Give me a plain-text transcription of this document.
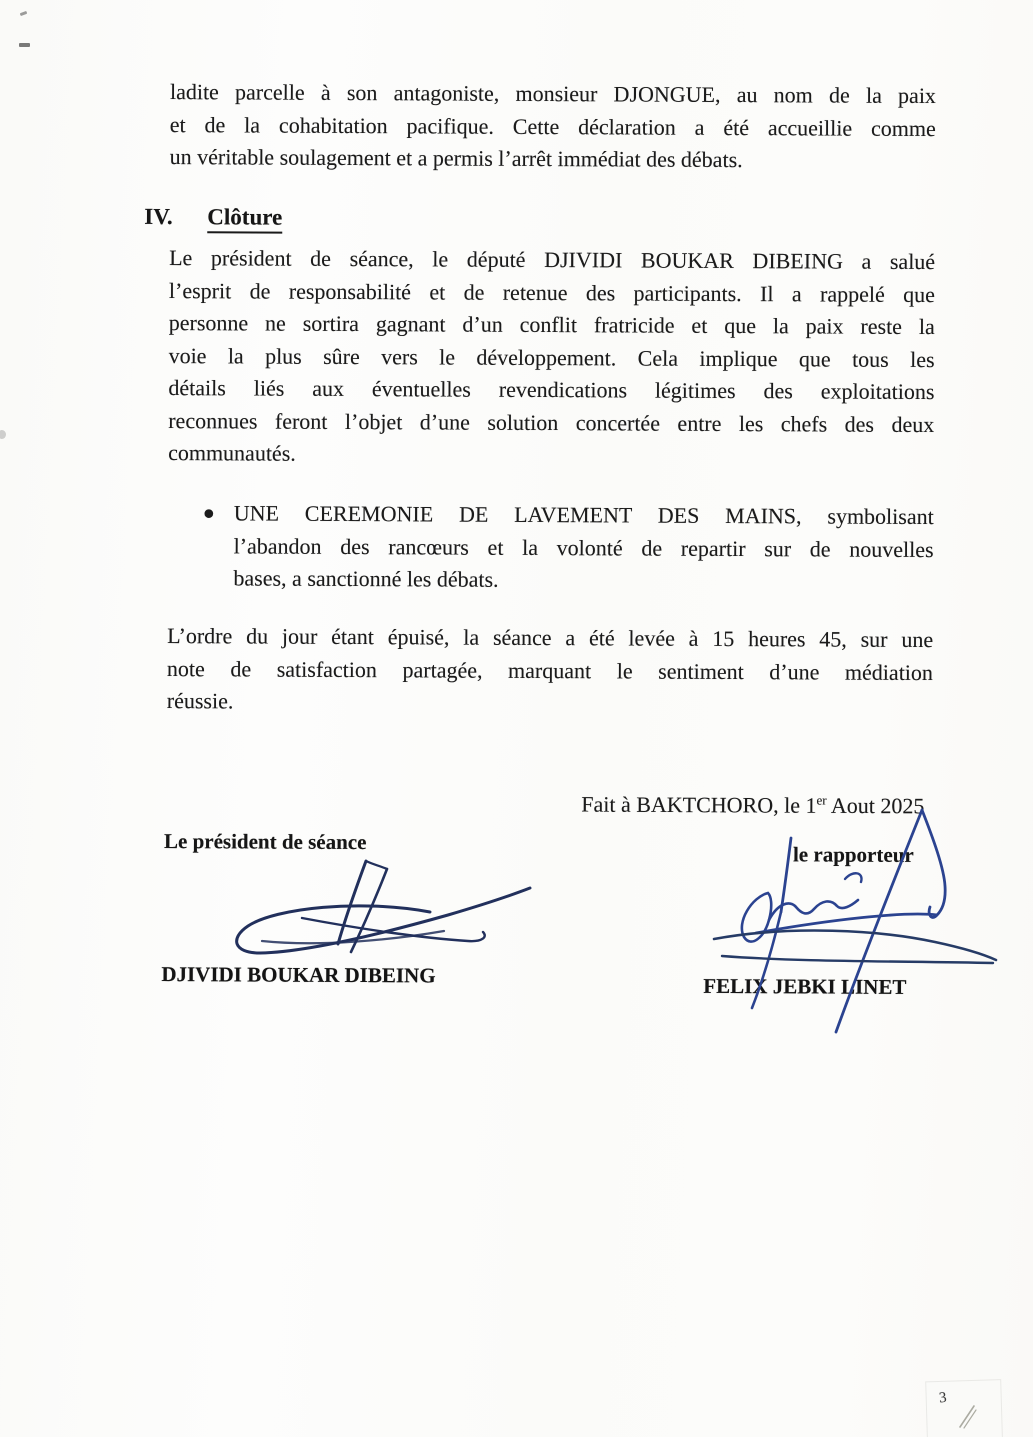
ladite parcelle à son antagoniste, monsieur DJONGUE, au nom de la paix
et de la cohabitation pacifique. Cette déclaration a été accueillie comme
un véritable soulagement et a permis l’arrêt immédiat des débats.
IV. Clôture
Le président de séance, le député DJIVIDI BOUKAR DIBEING a salué
l’esprit de responsabilité et de retenue des participants. Il a rappelé que
personne ne sortira gagnant d’un conflit fratricide et que la paix reste la
voie la plus sûre vers le développement. Cela implique que tous les
détails liés aux éventuelles revendications légitimes des exploitations
reconnues feront l’objet d’une solution concertée entre les chefs des deux
communautés.
● UNE CEREMONIE DE LAVEMENT DES MAINS, symbolisant
l’abandon des rancœurs et la volonté de repartir sur de nouvelles
bases, a sanctionné les débats.
L’ordre du jour étant épuisé, la séance a été levée à 15 heures 45, sur une
note de satisfaction partagée, marquant le sentiment d’une médiation
réussie.
Fait à BAKTCHORO, le 1er Aout 2025
Le président de séance
le rapporteur
DJIVIDI BOUKAR DIBEING	FELIX JEBKI LINET
3
